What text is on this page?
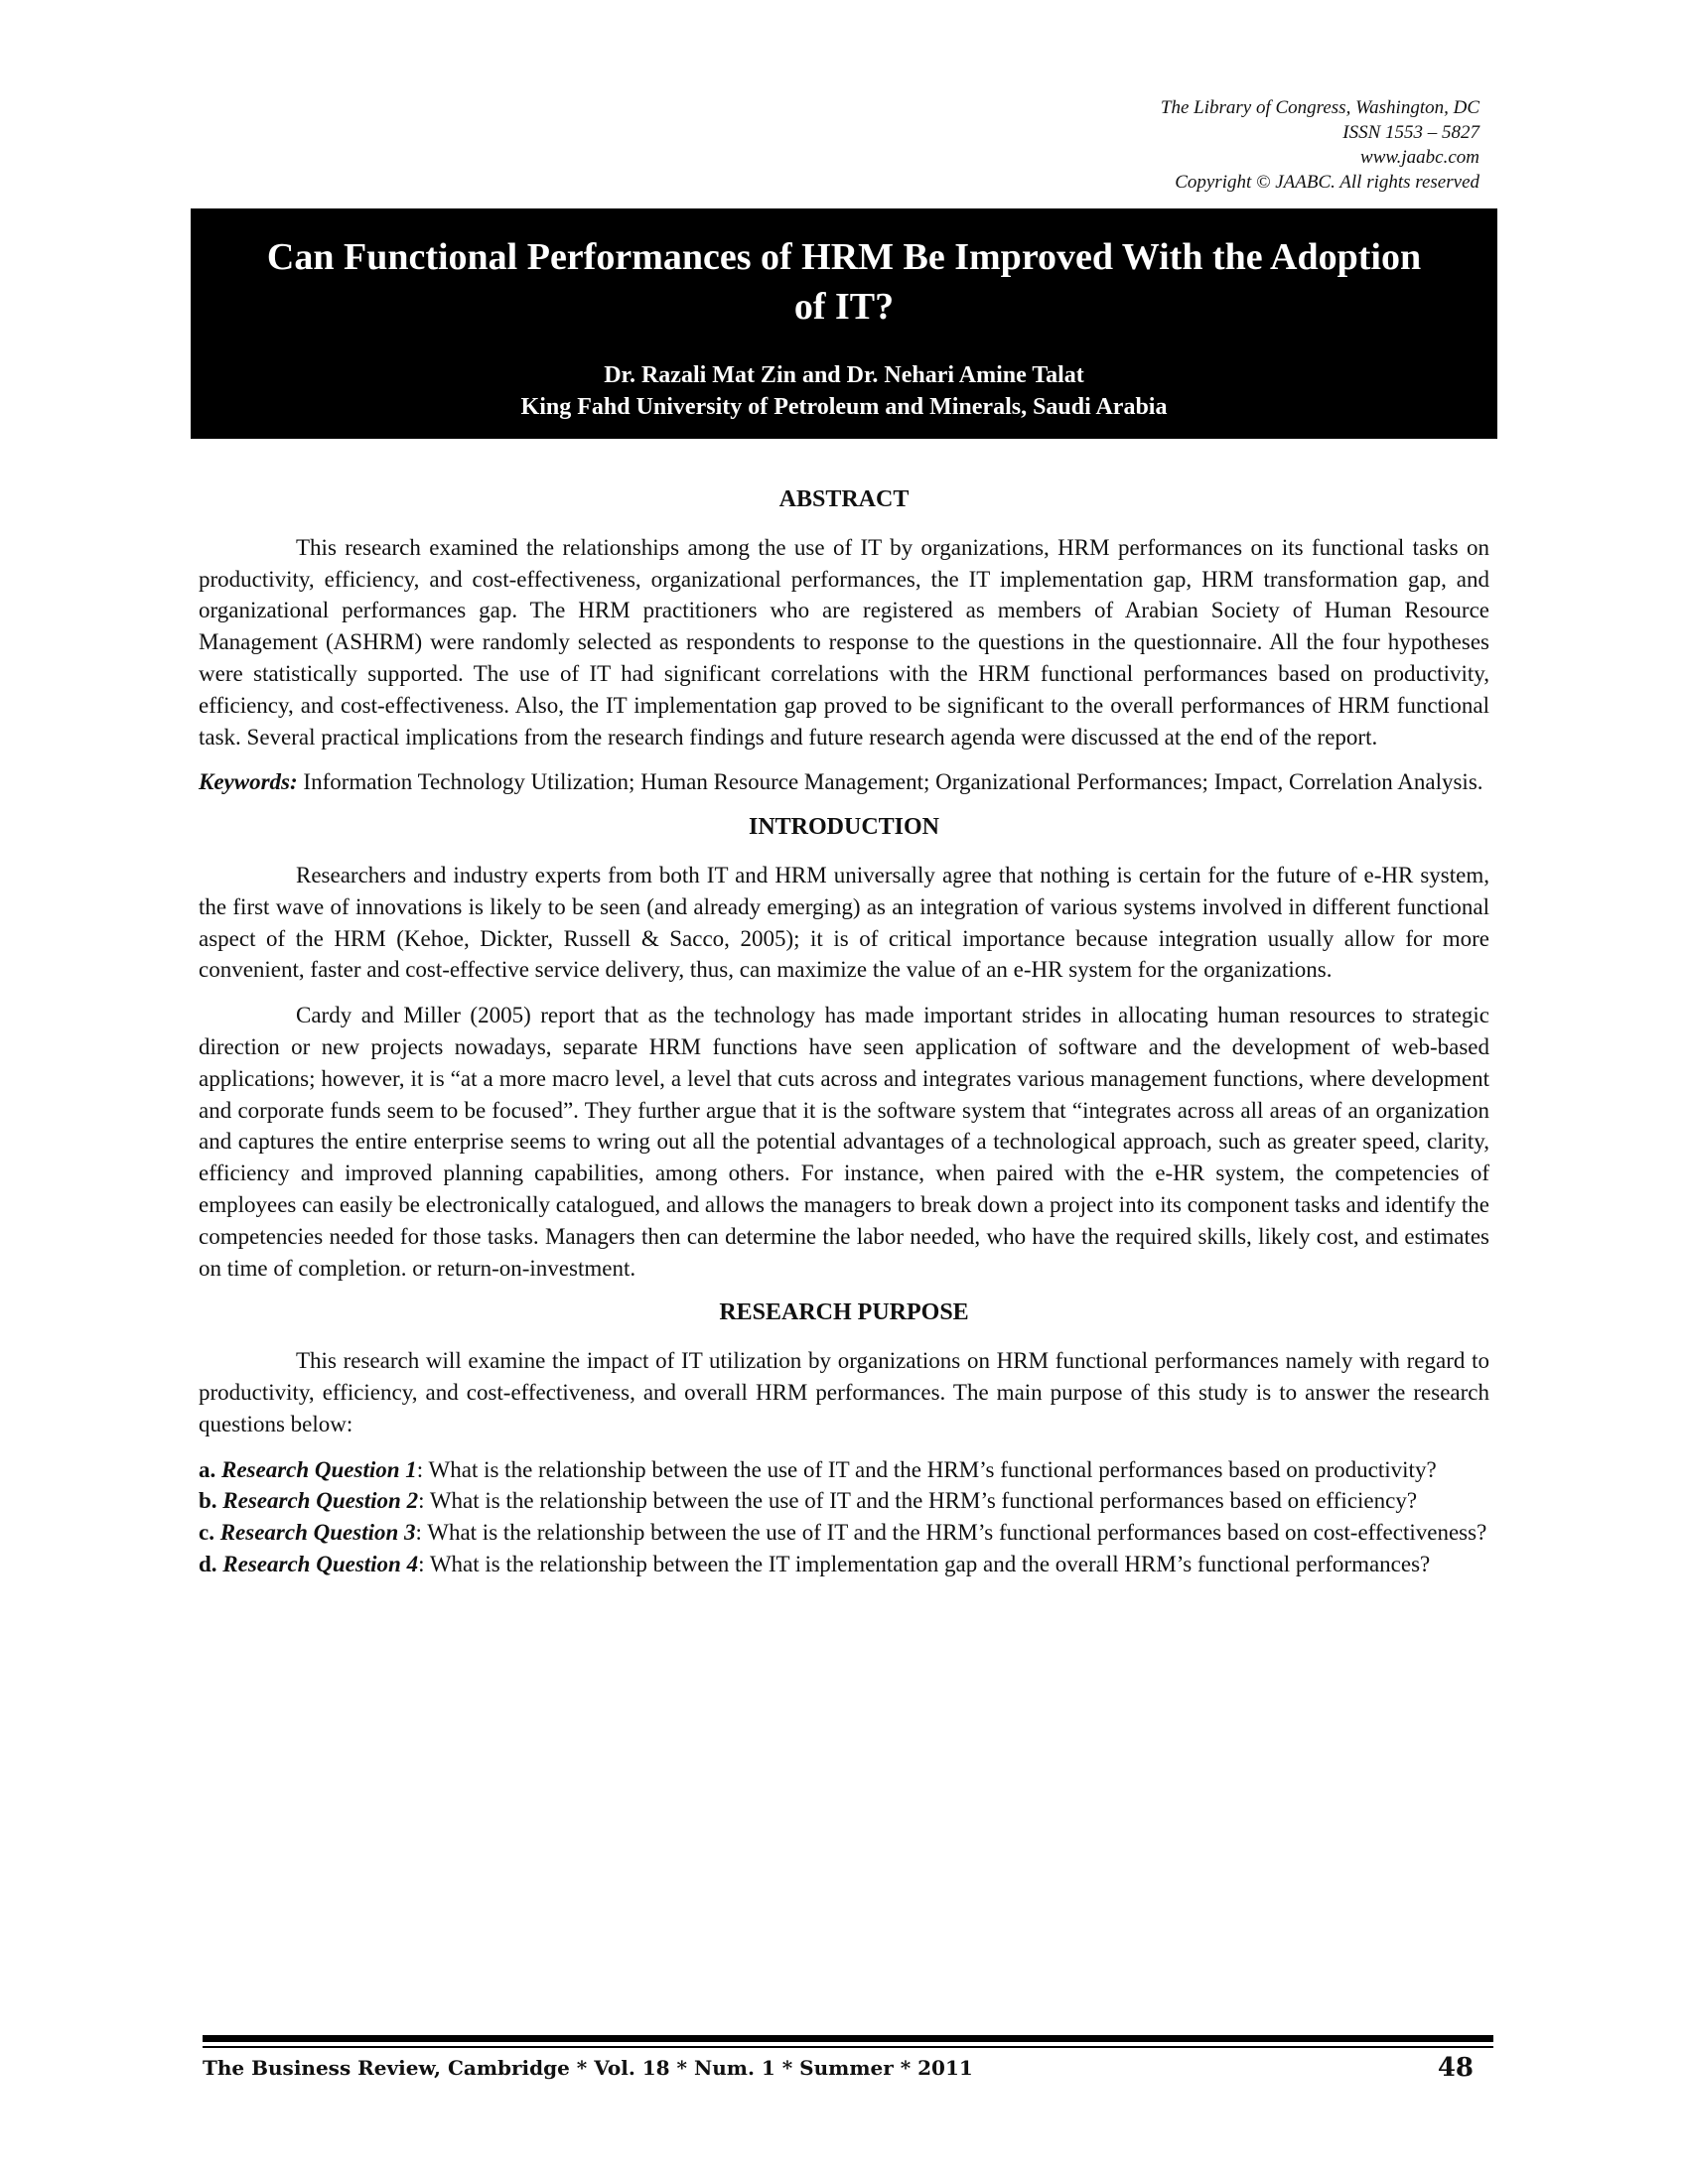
The Library of Congress, Washington, DC
ISSN 1553 – 5827
www.jaabc.com
Copyright © JAABC. All rights reserved
Can Functional Performances of HRM Be Improved With the Adoption of IT?
Dr. Razali Mat Zin and Dr. Nehari Amine Talat
King Fahd University of Petroleum and Minerals, Saudi Arabia
ABSTRACT

This research examined the relationships among the use of IT by organizations, HRM performances on its functional tasks on productivity, efficiency, and cost-effectiveness, organizational performances, the IT implementation gap, HRM transformation gap, and organizational performances gap. The HRM practitioners who are registered as members of Arabian Society of Human Resource Management (ASHRM) were randomly selected as respondents to response to the questions in the questionnaire. All the four hypotheses were statistically supported. The use of IT had significant correlations with the HRM functional performances based on productivity, efficiency, and cost-effectiveness. Also, the IT implementation gap proved to be significant to the overall performances of HRM functional task. Several practical implications from the research findings and future research agenda were discussed at the end of the report.

Keywords: Information Technology Utilization; Human Resource Management; Organizational Performances; Impact, Correlation Analysis.

INTRODUCTION

Researchers and industry experts from both IT and HRM universally agree that nothing is certain for the future of e-HR system, the first wave of innovations is likely to be seen (and already emerging) as an integration of various systems involved in different functional aspect of the HRM (Kehoe, Dickter, Russell & Sacco, 2005); it is of critical importance because integration usually allow for more convenient, faster and cost-effective service delivery, thus, can maximize the value of an e-HR system for the organizations.

Cardy and Miller (2005) report that as the technology has made important strides in allocating human resources to strategic direction or new projects nowadays, separate HRM functions have seen application of software and the development of web-based applications; however, it is “at a more macro level, a level that cuts across and integrates various management functions, where development and corporate funds seem to be focused”. They further argue that it is the software system that “integrates across all areas of an organization and captures the entire enterprise seems to wring out all the potential advantages of a technological approach, such as greater speed, clarity, efficiency and improved planning capabilities, among others. For instance, when paired with the e-HR system, the competencies of employees can easily be electronically catalogued, and allows the managers to break down a project into its component tasks and identify the competencies needed for those tasks. Managers then can determine the labor needed, who have the required skills, likely cost, and estimates on time of completion. or return-on-investment.

RESEARCH PURPOSE

This research will examine the impact of IT utilization by organizations on HRM functional performances namely with regard to productivity, efficiency, and cost-effectiveness, and overall HRM performances. The main purpose of this study is to answer the research questions below:

a. Research Question 1: What is the relationship between the use of IT and the HRM’s functional performances based on productivity?
b. Research Question 2: What is the relationship between the use of IT and the HRM’s functional performances based on efficiency?
c. Research Question 3: What is the relationship between the use of IT and the HRM’s functional performances based on cost-effectiveness?
d. Research Question 4: What is the relationship between the IT implementation gap and the overall HRM’s functional performances?
The Business Review, Cambridge * Vol. 18 * Num. 1 * Summer * 2011	48
